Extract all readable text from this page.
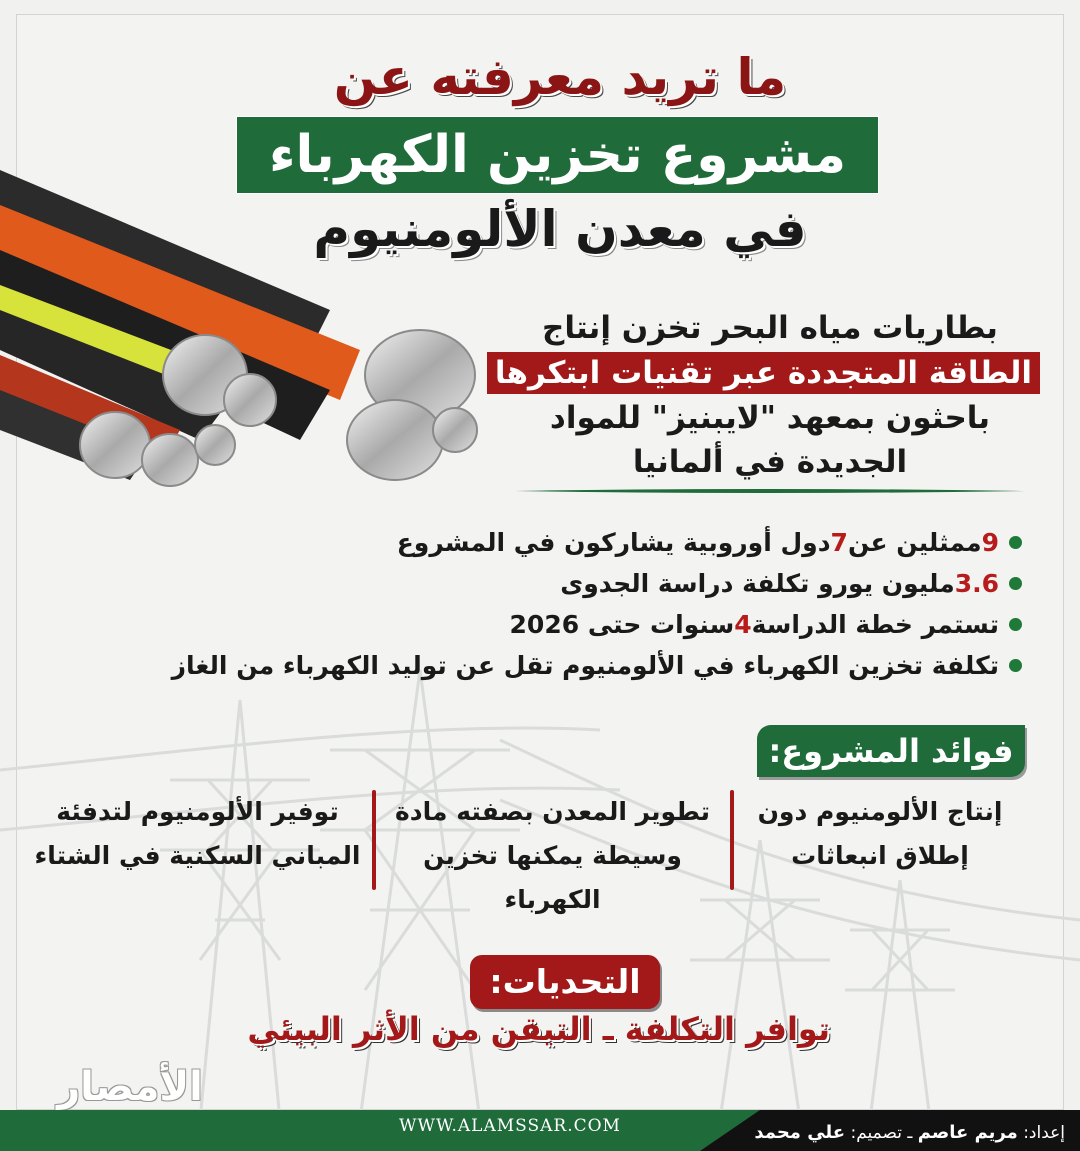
ما تريد معرفته عن
مشروع تخزين الكهرباء
في معدن الألومنيوم
بطاريات مياه البحر تخزن إنتاج
الطاقة المتجددة عبر تقنيات ابتكرها
باحثون بمعهد "لايبنيز" للمواد
الجديدة في ألمانيا
9
ممثلين عن
7
دول أوروبية يشاركون في المشروع
3.6
مليون يورو تكلفة دراسة الجدوى
تستمر خطة الدراسة
4
سنوات حتى 2026
تكلفة تخزين الكهرباء في الألومنيوم تقل عن توليد الكهرباء من الغاز
فوائد المشروع:
إنتاج الألومنيوم دون
إطلاق انبعاثات
تطوير المعدن بصفته مادة
وسيطة يمكنها تخزين
الكهرباء
توفير الألومنيوم لتدفئة
المباني السكنية في الشتاء
التحديات:
توافر التكلفة ـ التيقن من الأثر البيئي
الأمصار
WWW.ALAMSSAR.COM	إعداد: مريم عاصم ـ تصميم: علي محمد
